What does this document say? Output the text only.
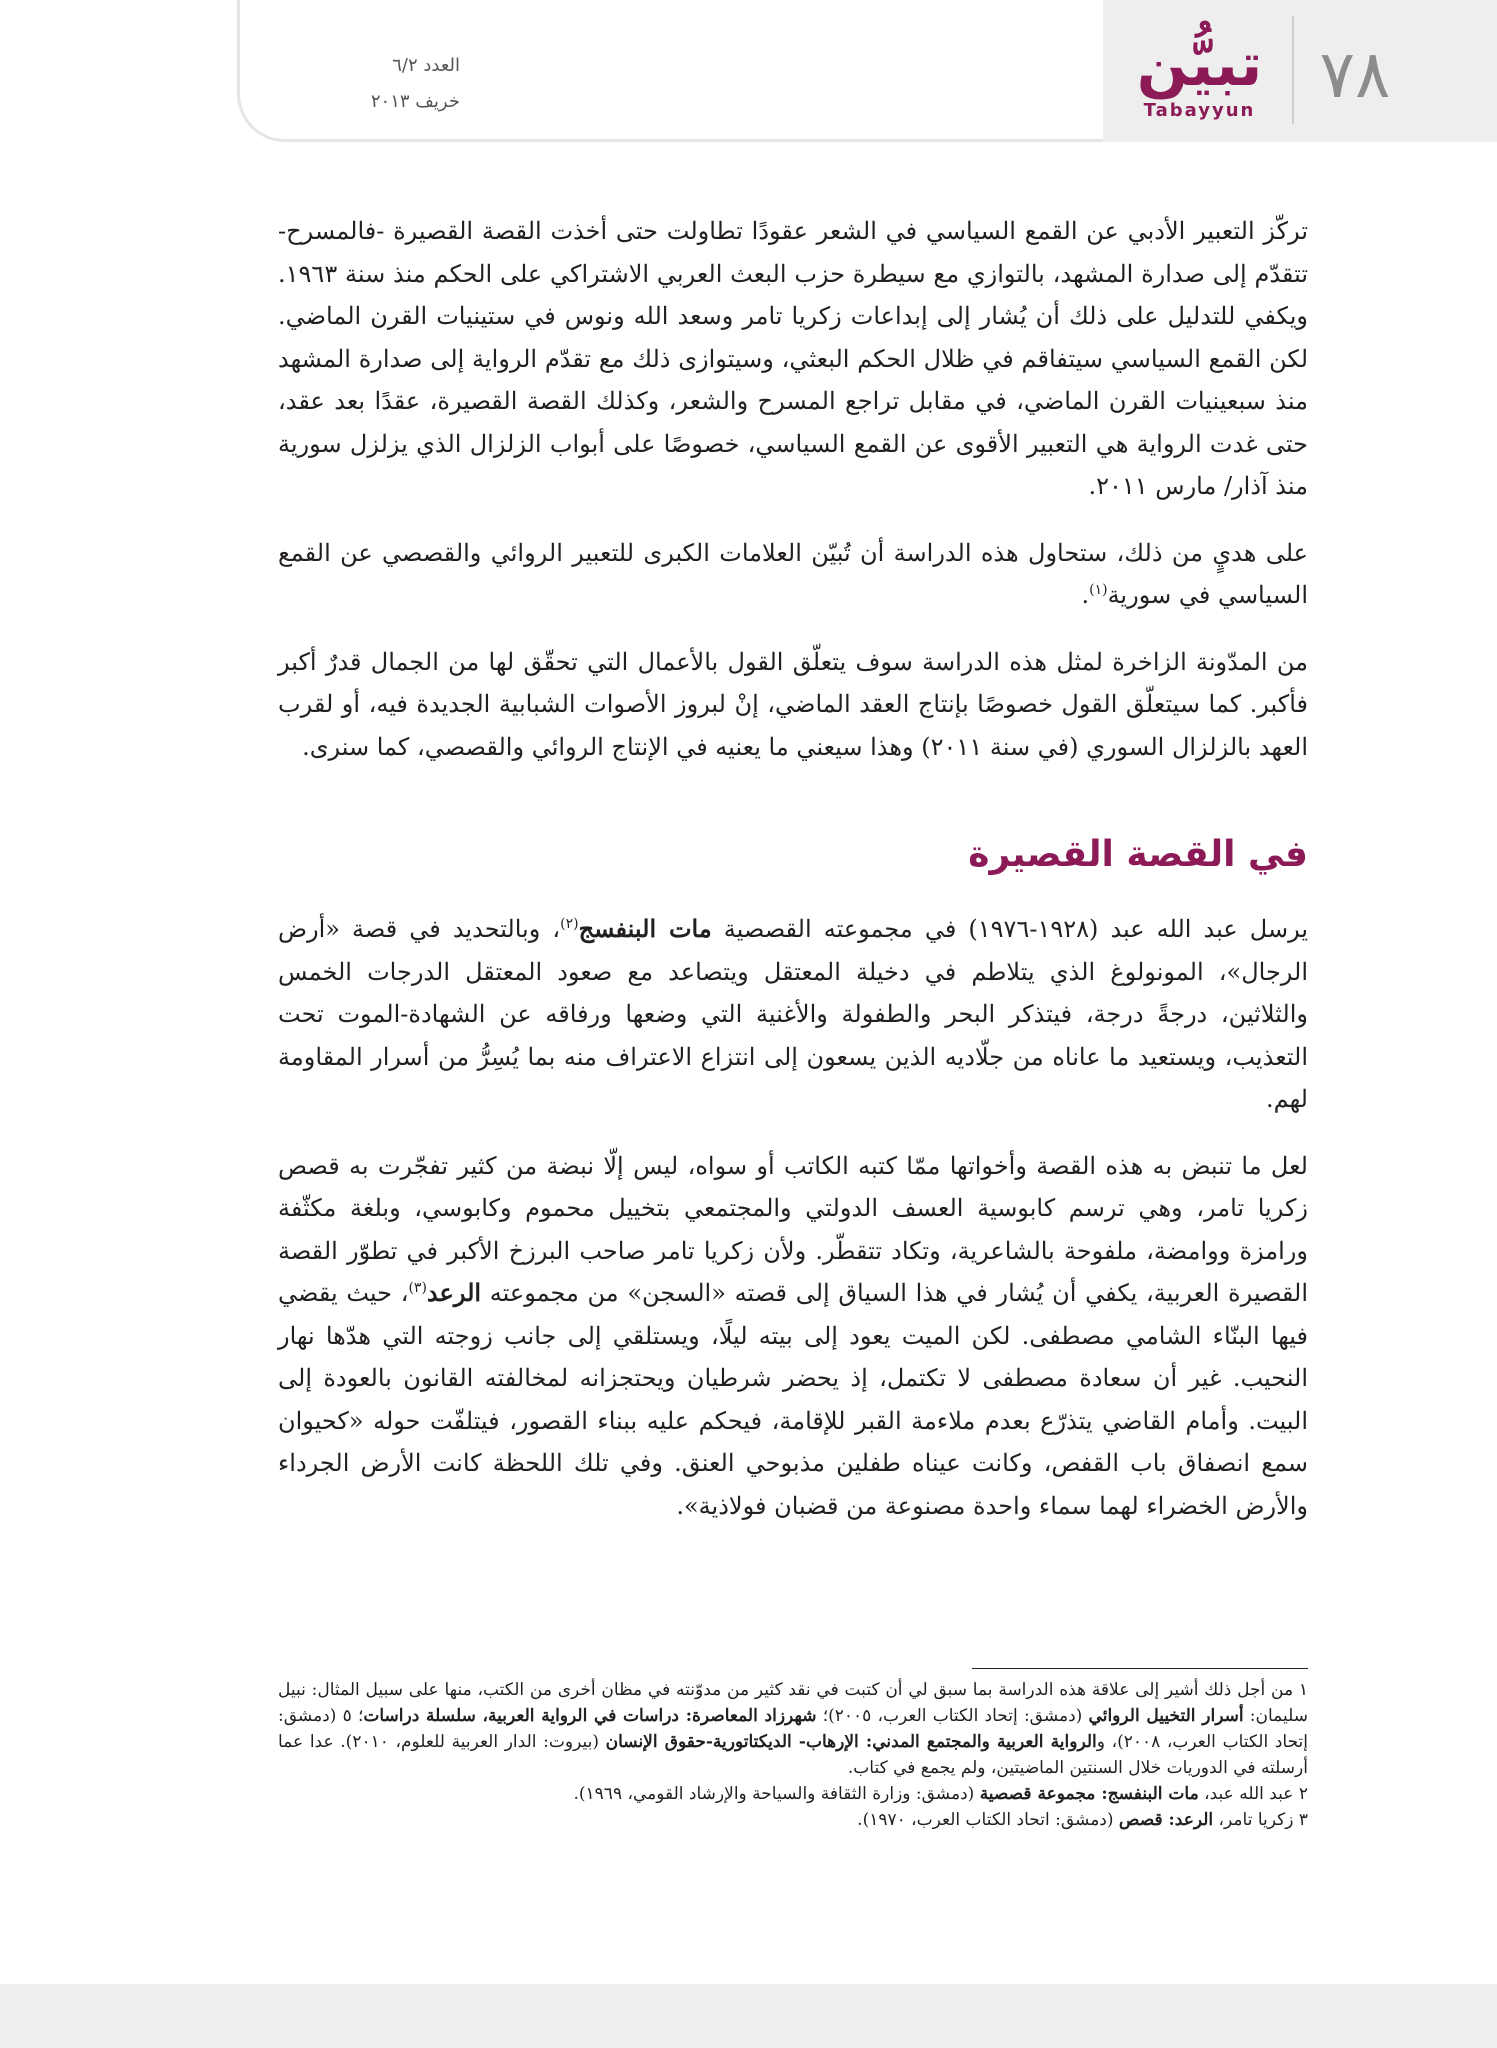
٧٨
تبيُّن
Tabayyun
العدد ٦/٢
خريف ٢٠١٣

تركّز التعبير الأدبي عن القمع السياسي في الشعر عقودًا تطاولت حتى أخذت القصة القصيرة -فالمسرح- تتقدّم إلى صدارة المشهد، بالتوازي مع سيطرة حزب البعث العربي الاشتراكي على الحكم منذ سنة ١٩٦٣. ويكفي للتدليل على ذلك أن يُشار إلى إبداعات زكريا تامر وسعد الله ونوس في ستينيات القرن الماضي. لكن القمع السياسي سيتفاقم في ظلال الحكم البعثي، وسيتوازى ذلك مع تقدّم الرواية إلى صدارة المشهد منذ سبعينيات القرن الماضي، في مقابل تراجع المسرح والشعر، وكذلك القصة القصيرة، عقدًا بعد عقد، حتى غدت الرواية هي التعبير الأقوى عن القمع السياسي، خصوصًا على أبواب الزلزال الذي يزلزل سورية منذ آذار/ مارس ٢٠١١.

على هديٍ من ذلك، ستحاول هذه الدراسة أن تُبيّن العلامات الكبرى للتعبير الروائي والقصصي عن القمع السياسي في سورية$^{(١)}$.

من المدّونة الزاخرة لمثل هذه الدراسة سوف يتعلّق القول بالأعمال التي تحقّق لها من الجمال قدرٌ أكبر فأكبر. كما سيتعلّق القول خصوصًا بإنتاج العقد الماضي، إنْ لبروز الأصوات الشبابية الجديدة فيه، أو لقرب العهد بالزلزال السوري (في سنة ٢٠١١) وهذا سيعني ما يعنيه في الإنتاج الروائي والقصصي، كما سنرى.

في القصة القصيرة

يرسل عبد الله عبد (١٩٢٨-١٩٧٦) في مجموعته القصصية مات البنفسج$^{(٢)}$، وبالتحديد في قصة «أرض الرجال»، المونولوغ الذي يتلاطم في دخيلة المعتقل ويتصاعد مع صعود المعتقل الدرجات الخمس والثلاثين، درجةً درجة، فيتذكر البحر والطفولة والأغنية التي وضعها ورفاقه عن الشهادة-الموت تحت التعذيب، ويستعيد ما عاناه من جلّاديه الذين يسعون إلى انتزاع الاعتراف منه بما يُسِرُّ من أسرار المقاومة لهم.

لعل ما تنبض به هذه القصة وأخواتها ممّا كتبه الكاتب أو سواه، ليس إلّا نبضة من كثير تفجّرت به قصص زكريا تامر، وهي ترسم كابوسية العسف الدولتي والمجتمعي بتخييل محموم وكابوسي، وبلغة مكثّفة ورامزة ووامضة، ملفوحة بالشاعرية، وتكاد تتقطّر. ولأن زكريا تامر صاحب البرزخ الأكبر في تطوّر القصة القصيرة العربية، يكفي أن يُشار في هذا السياق إلى قصته «السجن» من مجموعته الرعد$^{(٣)}$، حيث يقضي فيها البنّاء الشامي مصطفى. لكن الميت يعود إلى بيته ليلًا، ويستلقي إلى جانب زوجته التي هدّها نهار النحيب. غير أن سعادة مصطفى لا تكتمل، إذ يحضر شرطيان ويحتجزانه لمخالفته القانون بالعودة إلى البيت. وأمام القاضي يتذرّع بعدم ملاءمة القبر للإقامة، فيحكم عليه ببناء القصور، فيتلفّت حوله «كحيوان سمع انصفاق باب القفص، وكانت عيناه طفلين مذبوحي العنق. وفي تلك اللحظة كانت الأرض الجرداء والأرض الخضراء لهما سماء واحدة مصنوعة من قضبان فولاذية».

١ من أجل ذلك أشير إلى علاقة هذه الدراسة بما سبق لي أن كتبت في نقد كثير من مدوّنته في مظان أخرى من الكتب، منها على سبيل المثال: نبيل سليمان: أسرار التخييل الروائي (دمشق: إتحاد الكتاب العرب، ٢٠٠٥)؛ شهرزاد المعاصرة: دراسات في الرواية العربية، سلسلة دراسات؛ ٥ (دمشق: إتحاد الكتاب العرب، ٢٠٠٨)، والرواية العربية والمجتمع المدني: الإرهاب- الديكتاتورية-حقوق الإنسان (بيروت: الدار العربية للعلوم، ٢٠١٠). عدا عما أرسلته في الدوريات خلال السنتين الماضيتين، ولم يجمع في كتاب.

٢ عبد الله عبد، مات البنفسج: مجموعة قصصية (دمشق: وزارة الثقافة والسياحة والإرشاد القومي، ١٩٦٩).

٣ زكريا تامر، الرعد: قصص (دمشق: اتحاد الكتاب العرب، ١٩٧٠).
